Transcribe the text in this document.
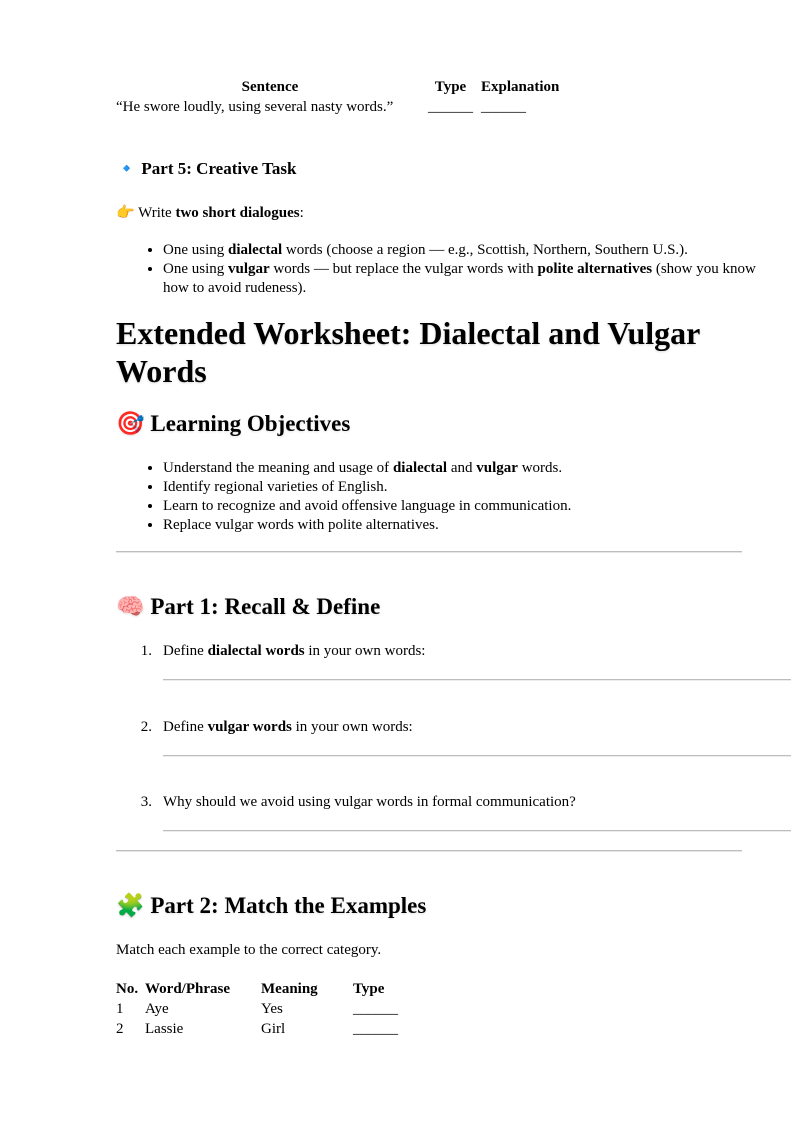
Sentence	Type	Explanation
“He swore loudly, using several nasty words.”	______	______
🔹 Part 5: Creative Task

👉 Write two short dialogues:

• One using dialectal words (choose a region — e.g., Scottish, Northern, Southern U.S.).
• One using vulgar words — but replace the vulgar words with polite alternatives (show you know how to avoid rudeness).
Extended Worksheet: Dialectal and Vulgar Words
🎯 Learning Objectives
• Understand the meaning and usage of dialectal and vulgar words.
• Identify regional varieties of English.
• Learn to recognize and avoid offensive language in communication.
• Replace vulgar words with polite alternatives.
🧠 Part 1: Recall & Define
1. Define dialectal words in your own words:
2. Define vulgar words in your own words:
3. Why should we avoid using vulgar words in formal communication?
🧩 Part 2: Match the Examples

Match each example to the correct category.

No.	Word/Phrase	Meaning	Type
1	Aye	Yes	______
2	Lassie	Girl	______
